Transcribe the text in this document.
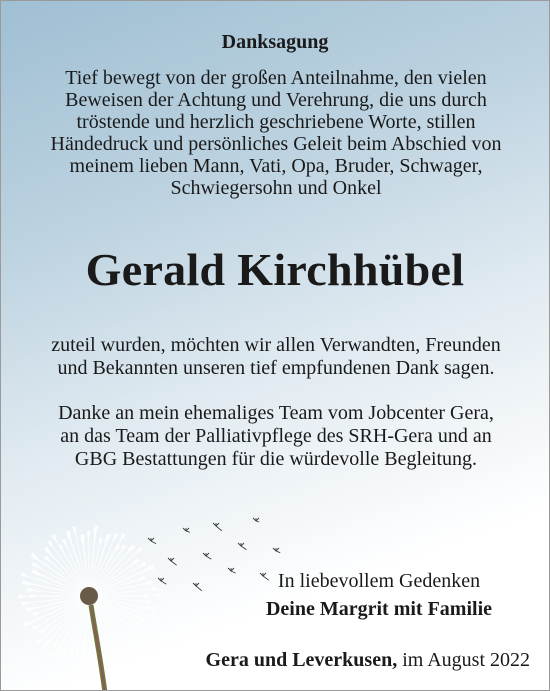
Danksagung
Tief bewegt von der großen Anteilnahme, den vielen
Beweisen der Achtung und Verehrung, die uns durch
tröstende und herzlich geschriebene Worte, stillen
Händedruck und persönliches Geleit beim Abschied von
meinem lieben Mann, Vati, Opa, Bruder, Schwager,
Schwiegersohn und Onkel
Gerald Kirchhübel
zuteil wurden, möchten wir allen Verwandten, Freunden
und Bekannten unseren tief empfundenen Dank sagen.
Danke an mein ehemaliges Team vom Jobcenter Gera,
an das Team der Palliativpflege des SRH-Gera und an
GBG Bestattungen für die würdevolle Begleitung.
In liebevollem Gedenken
Deine Margrit mit Familie
Gera und Leverkusen, im August 2022
